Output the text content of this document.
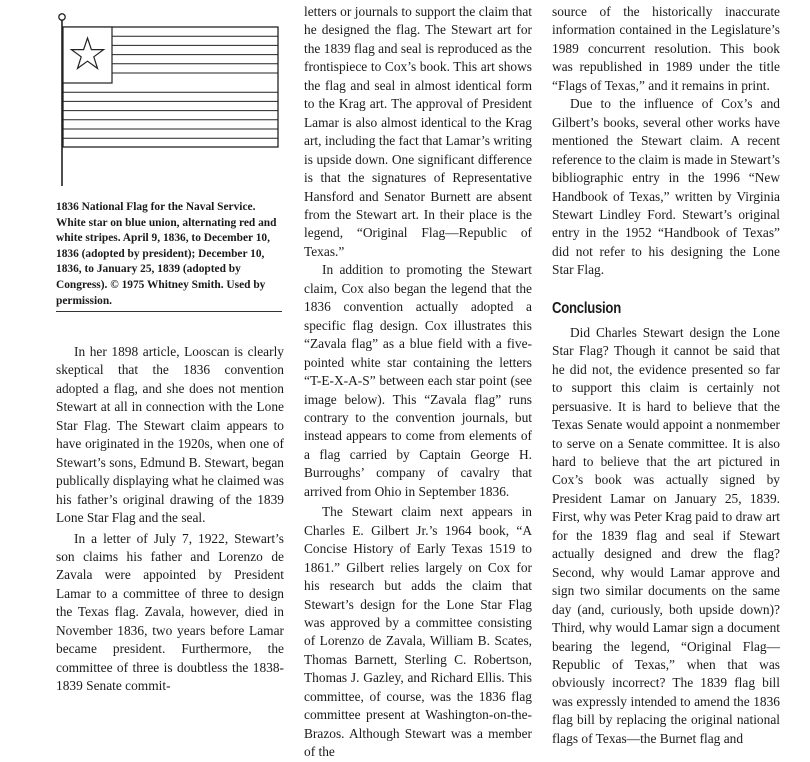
1836 National Flag for the Naval Service. White star on blue union, alternating red and white stripes. April 9, 1836, to December 10, 1836 (adopted by president); December 10, 1836, to January 25, 1839 (adopted by Congress). © 1975 Whitney Smith. Used by permission.

In her 1898 article, Looscan is clearly skeptical that the 1836 convention adopted a flag, and she does not mention Stewart at all in connection with the Lone Star Flag. The Stewart claim appears to have originated in the 1920s, when one of Stewart’s sons, Edmund B. Stewart, began publically displaying what he claimed was his father’s original drawing of the 1839 Lone Star Flag and the seal.

In a letter of July 7, 1922, Stewart’s son claims his father and Lorenzo de Zavala were appointed by President Lamar to a committee of three to design the Texas flag. Zavala, however, died in November 1836, two years before Lamar became president. Furthermore, the committee of three is doubtless the 1838-1839 Senate commit-

letters or journals to support the claim that he designed the flag. The Stewart art for the 1839 flag and seal is reproduced as the frontispiece to Cox’s book. This art shows the flag and seal in almost identical form to the Krag art. The approval of President Lamar is also almost identical to the Krag art, including the fact that Lamar’s writing is upside down. One significant difference is that the signatures of Representative Hansford and Senator Burnett are absent from the Stewart art. In their place is the legend, “Original Flag—Republic of Texas.”

In addition to promoting the Stewart claim, Cox also began the legend that the 1836 convention actually adopted a specific flag design. Cox illustrates this “Zavala flag” as a blue field with a five-pointed white star containing the letters “T-E-X-A-S” between each star point (see image below). This “Zavala flag” runs contrary to the convention journals, but instead appears to come from elements of a flag carried by Captain George H. Burroughs’ company of cavalry that arrived from Ohio in September 1836.

The Stewart claim next appears in Charles E. Gilbert Jr.’s 1964 book, “A Concise History of Early Texas 1519 to 1861.” Gilbert relies largely on Cox for his research but adds the claim that Stewart’s design for the Lone Star Flag was approved by a committee consisting of Lorenzo de Zavala, William B. Scates, Thomas Barnett, Sterling C. Robertson, Thomas J. Gazley, and Richard Ellis. This committee, of course, was the 1836 flag committee present at Washington-on-the-Brazos. Although Stewart was a member of the

source of the historically inaccurate information contained in the Legislature’s 1989 concurrent resolution. This book was republished in 1989 under the title “Flags of Texas,” and it remains in print.

Due to the influence of Cox’s and Gilbert’s books, several other works have mentioned the Stewart claim. A recent reference to the claim is made in Stewart’s bibliographic entry in the 1996 “New Handbook of Texas,” written by Virginia Stewart Lindley Ford. Stewart’s original entry in the 1952 “Handbook of Texas” did not refer to his designing the Lone Star Flag.

Conclusion

Did Charles Stewart design the Lone Star Flag? Though it cannot be said that he did not, the evidence presented so far to support this claim is certainly not persuasive. It is hard to believe that the Texas Senate would appoint a nonmember to serve on a Senate committee. It is also hard to believe that the art pictured in Cox’s book was actually signed by President Lamar on January 25, 1839. First, why was Peter Krag paid to draw art for the 1839 flag and seal if Stewart actually designed and drew the flag? Second, why would Lamar approve and sign two similar documents on the same day (and, curiously, both upside down)? Third, why would Lamar sign a document bearing the legend, “Original Flag—Republic of Texas,” when that was obviously incorrect? The 1839 flag bill was expressly intended to amend the 1836 flag bill by replacing the original national flags of Texas—the Burnet flag and
